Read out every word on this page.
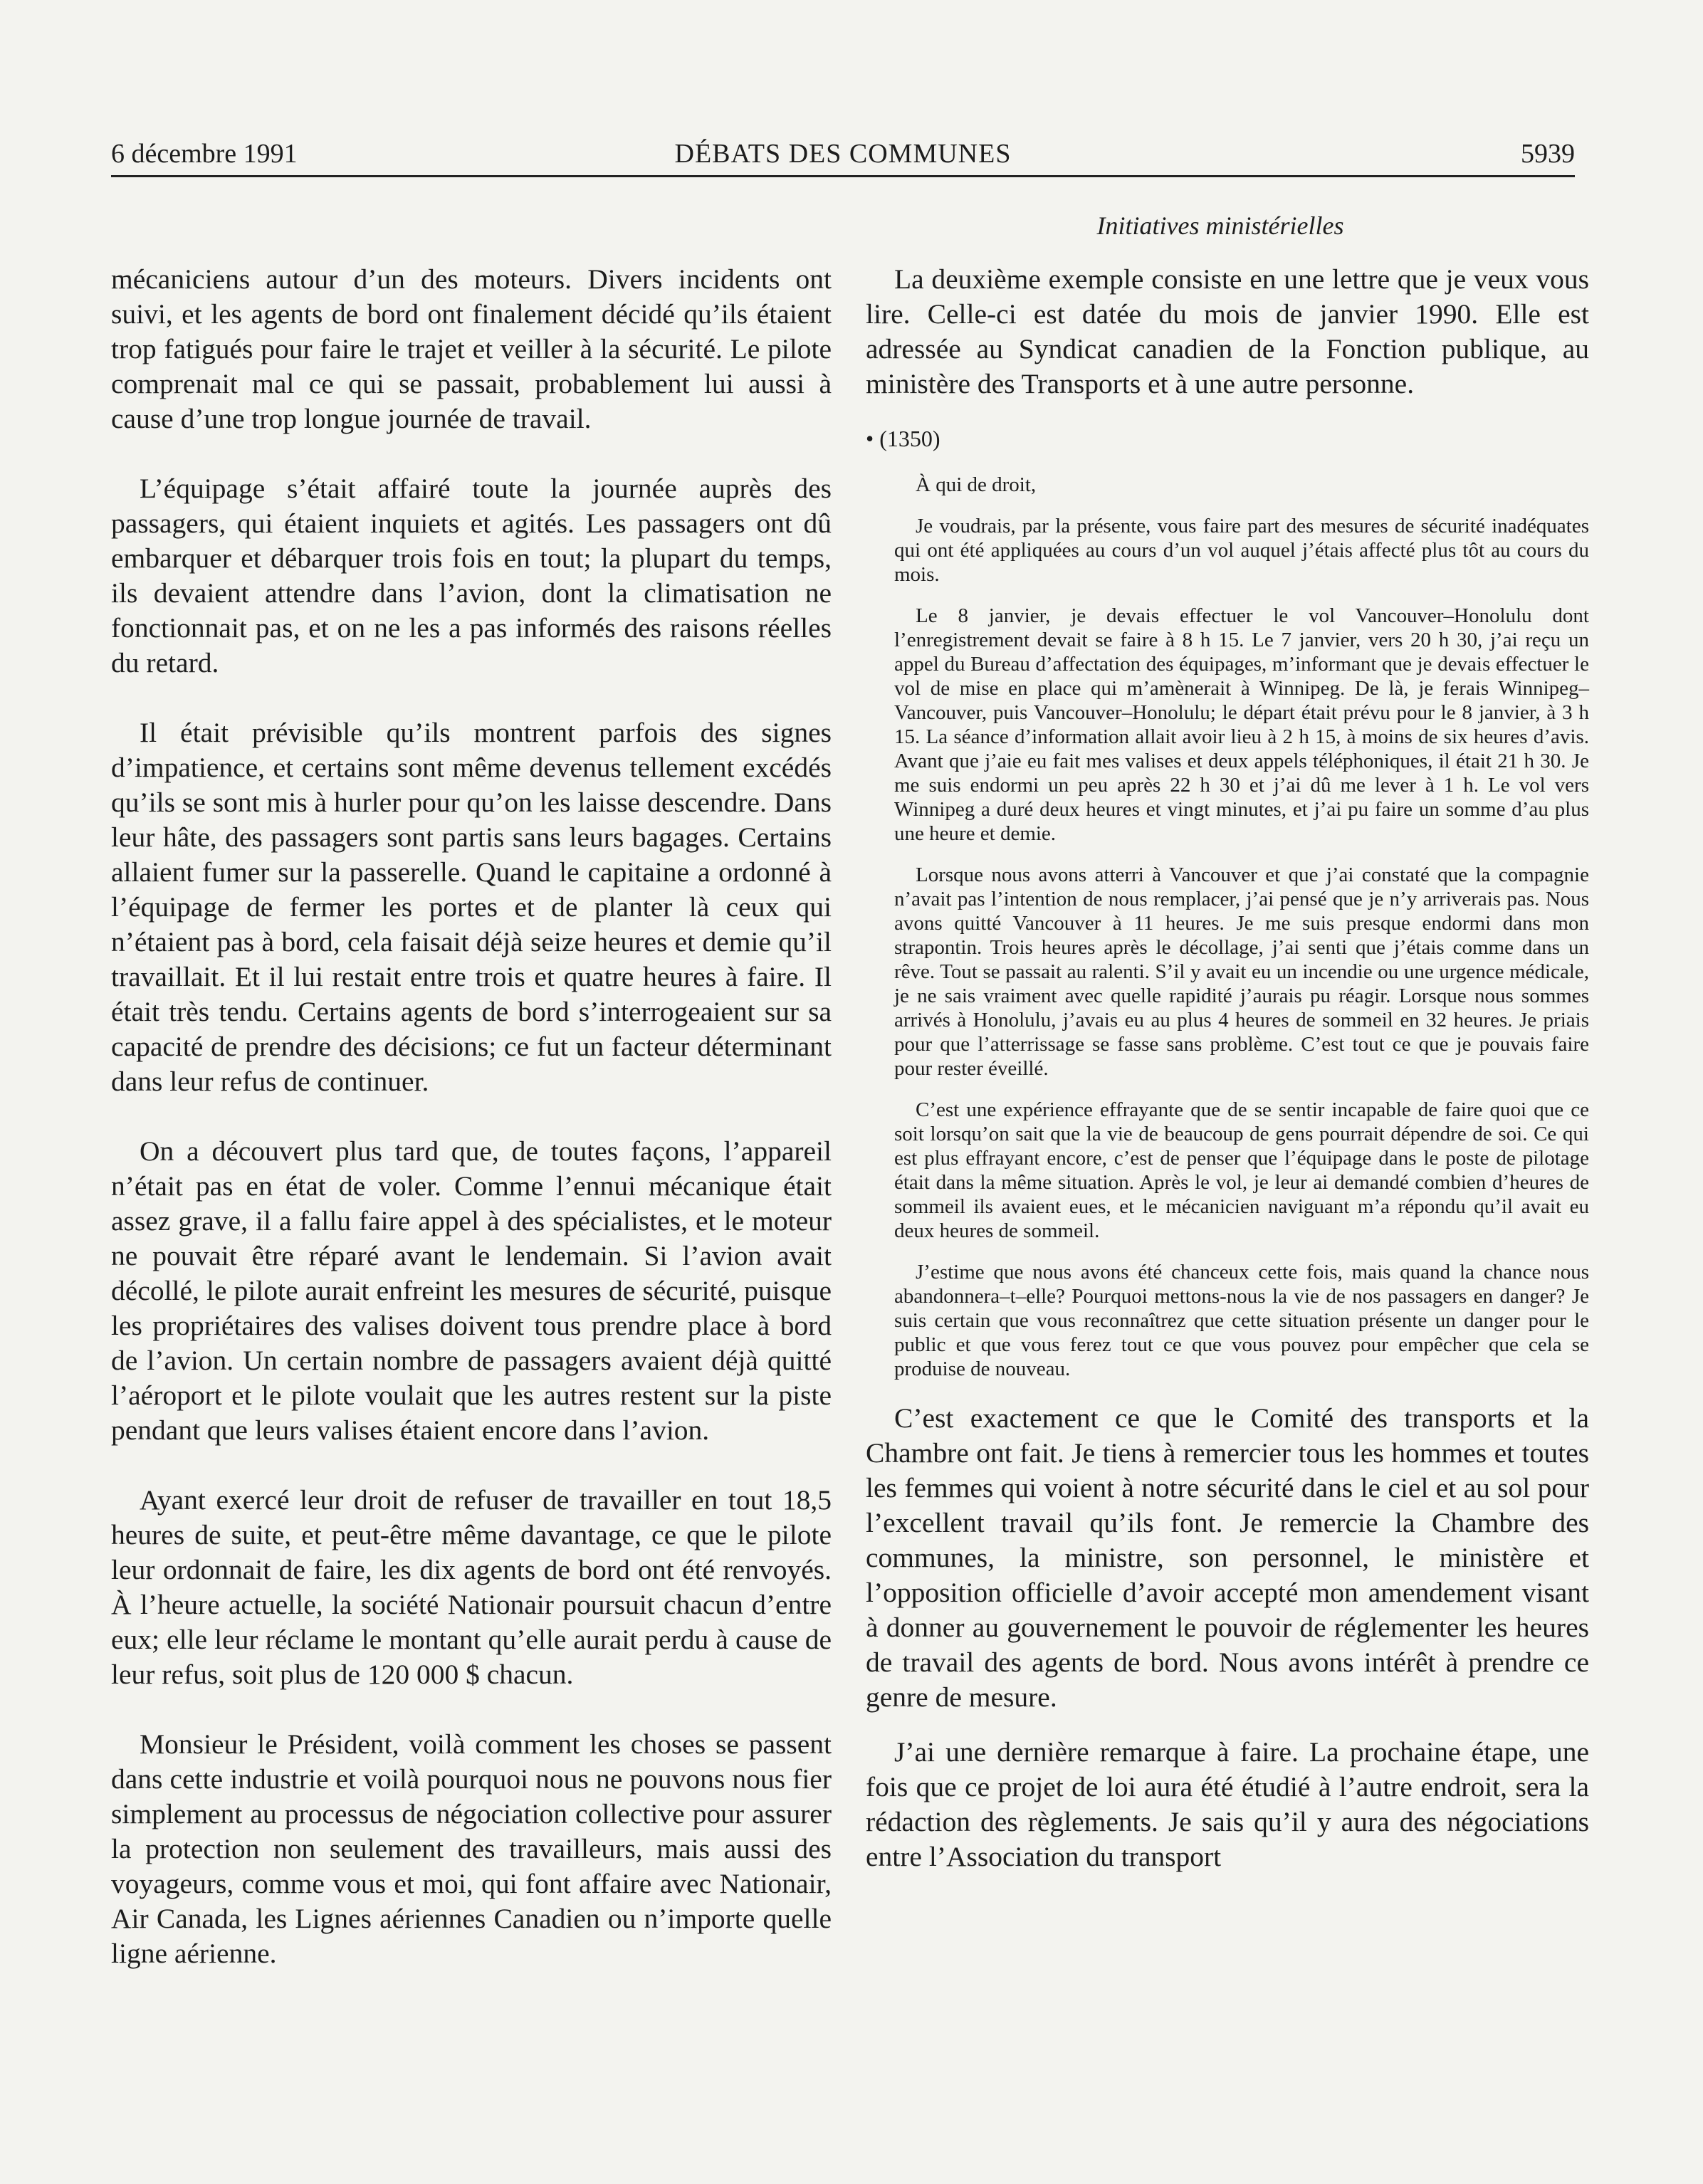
6 décembre 1991	DÉBATS DES COMMUNES	5939
Initiatives ministérielles

mécaniciens autour d’un des moteurs. Divers incidents ont suivi, et les agents de bord ont finalement décidé qu’ils étaient trop fatigués pour faire le trajet et veiller à la sécurité. Le pilote comprenait mal ce qui se passait, probablement lui aussi à cause d’une trop longue journée de travail.

L’équipage s’était affairé toute la journée auprès des passagers, qui étaient inquiets et agités. Les passagers ont dû embarquer et débarquer trois fois en tout; la plupart du temps, ils devaient attendre dans l’avion, dont la climatisation ne fonctionnait pas, et on ne les a pas informés des raisons réelles du retard.

Il était prévisible qu’ils montrent parfois des signes d’impatience, et certains sont même devenus tellement excédés qu’ils se sont mis à hurler pour qu’on les laisse descendre. Dans leur hâte, des passagers sont partis sans leurs bagages. Certains allaient fumer sur la passerelle. Quand le capitaine a ordonné à l’équipage de fermer les portes et de planter là ceux qui n’étaient pas à bord, cela faisait déjà seize heures et demie qu’il travaillait. Et il lui restait entre trois et quatre heures à faire. Il était très tendu. Certains agents de bord s’interrogeaient sur sa capacité de prendre des décisions; ce fut un facteur déterminant dans leur refus de continuer.

On a découvert plus tard que, de toutes façons, l’appareil n’était pas en état de voler. Comme l’ennui mécanique était assez grave, il a fallu faire appel à des spécialistes, et le moteur ne pouvait être réparé avant le lendemain. Si l’avion avait décollé, le pilote aurait enfreint les mesures de sécurité, puisque les propriétaires des valises doivent tous prendre place à bord de l’avion. Un certain nombre de passagers avaient déjà quitté l’aéroport et le pilote voulait que les autres restent sur la piste pendant que leurs valises étaient encore dans l’avion.

Ayant exercé leur droit de refuser de travailler en tout 18,5 heures de suite, et peut-être même davantage, ce que le pilote leur ordonnait de faire, les dix agents de bord ont été renvoyés. À l’heure actuelle, la société Nationair poursuit chacun d’entre eux; elle leur réclame le montant qu’elle aurait perdu à cause de leur refus, soit plus de 120 000 $ chacun.

Monsieur le Président, voilà comment les choses se passent dans cette industrie et voilà pourquoi nous ne pouvons nous fier simplement au processus de négociation collective pour assurer la protection non seulement des travailleurs, mais aussi des voyageurs, comme vous et moi, qui font affaire avec Nationair, Air Canada, les Lignes aériennes Canadien ou n’importe quelle ligne aérienne.

La deuxième exemple consiste en une lettre que je veux vous lire. Celle-ci est datée du mois de janvier 1990. Elle est adressée au Syndicat canadien de la Fonction publique, au ministère des Transports et à une autre personne.

• (1350)

À qui de droit,

Je voudrais, par la présente, vous faire part des mesures de sécurité inadéquates qui ont été appliquées au cours d’un vol auquel j’étais affecté plus tôt au cours du mois.

Le 8 janvier, je devais effectuer le vol Vancouver–Honolulu dont l’enregistrement devait se faire à 8 h 15. Le 7 janvier, vers 20 h 30, j’ai reçu un appel du Bureau d’affectation des équipages, m’informant que je devais effectuer le vol de mise en place qui m’amènerait à Winnipeg. De là, je ferais Winnipeg–Vancouver, puis Vancouver–Honolulu; le départ était prévu pour le 8 janvier, à 3 h 15. La séance d’information allait avoir lieu à 2 h 15, à moins de six heures d’avis. Avant que j’aie eu fait mes valises et deux appels téléphoniques, il était 21 h 30. Je me suis endormi un peu après 22 h 30 et j’ai dû me lever à 1 h. Le vol vers Winnipeg a duré deux heures et vingt minutes, et j’ai pu faire un somme d’au plus une heure et demie.

Lorsque nous avons atterri à Vancouver et que j’ai constaté que la compagnie n’avait pas l’intention de nous remplacer, j’ai pensé que je n’y arriverais pas. Nous avons quitté Vancouver à 11 heures. Je me suis presque endormi dans mon strapontin. Trois heures après le décollage, j’ai senti que j’étais comme dans un rêve. Tout se passait au ralenti. S’il y avait eu un incendie ou une urgence médicale, je ne sais vraiment avec quelle rapidité j’aurais pu réagir. Lorsque nous sommes arrivés à Honolulu, j’avais eu au plus 4 heures de sommeil en 32 heures. Je priais pour que l’atterrissage se fasse sans problème. C’est tout ce que je pouvais faire pour rester éveillé.

C’est une expérience effrayante que de se sentir incapable de faire quoi que ce soit lorsqu’on sait que la vie de beaucoup de gens pourrait dépendre de soi. Ce qui est plus effrayant encore, c’est de penser que l’équipage dans le poste de pilotage était dans la même situation. Après le vol, je leur ai demandé combien d’heures de sommeil ils avaient eues, et le mécanicien naviguant m’a répondu qu’il avait eu deux heures de sommeil.

J’estime que nous avons été chanceux cette fois, mais quand la chance nous abandonnera–t–elle? Pourquoi mettons-nous la vie de nos passagers en danger? Je suis certain que vous reconnaîtrez que cette situation présente un danger pour le public et que vous ferez tout ce que vous pouvez pour empêcher que cela se produise de nouveau.

C’est exactement ce que le Comité des transports et la Chambre ont fait. Je tiens à remercier tous les hommes et toutes les femmes qui voient à notre sécurité dans le ciel et au sol pour l’excellent travail qu’ils font. Je remercie la Chambre des communes, la ministre, son personnel, le ministère et l’opposition officielle d’avoir accepté mon amendement visant à donner au gouvernement le pouvoir de réglementer les heures de travail des agents de bord. Nous avons intérêt à prendre ce genre de mesure.

J’ai une dernière remarque à faire. La prochaine étape, une fois que ce projet de loi aura été étudié à l’autre endroit, sera la rédaction des règlements. Je sais qu’il y aura des négociations entre l’Association du transport
